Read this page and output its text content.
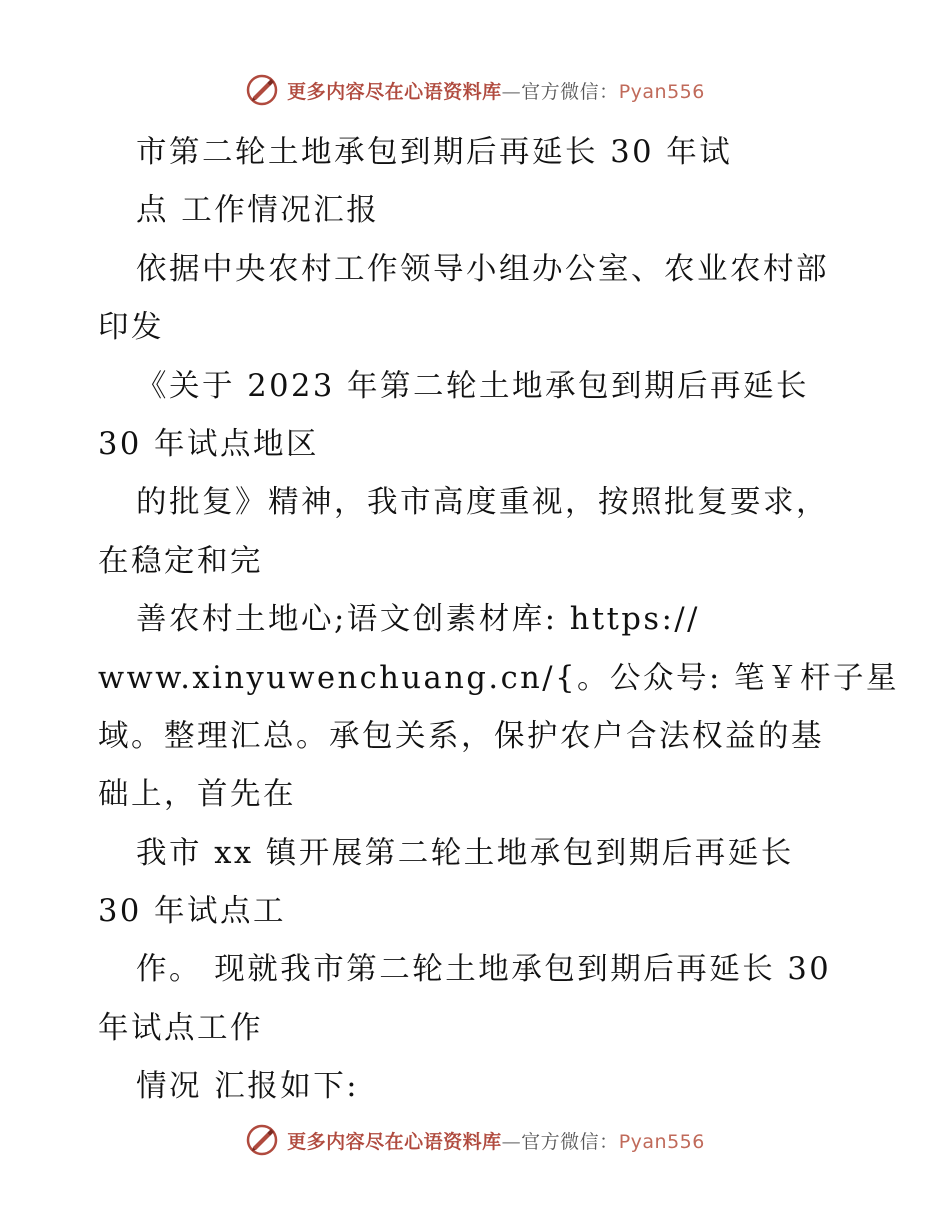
更多内容尽在心语资料库—官方微信：Pyan556
市第二轮土地承包到期后再延长 30 年试
点 工作情况汇报
依据中央农村工作领导小组办公室、农业农村部
印发
《关于 2023 年第二轮土地承包到期后再延长
30 年试点地区
的批复》精神，我市高度重视，按照批复要求，
在稳定和完
善农村土地心;语文创素材库: https://
www.xinyuwenchuang.cn/{。公众号: 笔￥杆子星
域。整理汇总。承包关系，保护农户合法权益的基
础上，首先在
我市 xx 镇开展第二轮土地承包到期后再延长
30 年试点工
作。 现就我市第二轮土地承包到期后再延长 30
年试点工作
情况 汇报如下:
更多内容尽在心语资料库—官方微信：Pyan556
